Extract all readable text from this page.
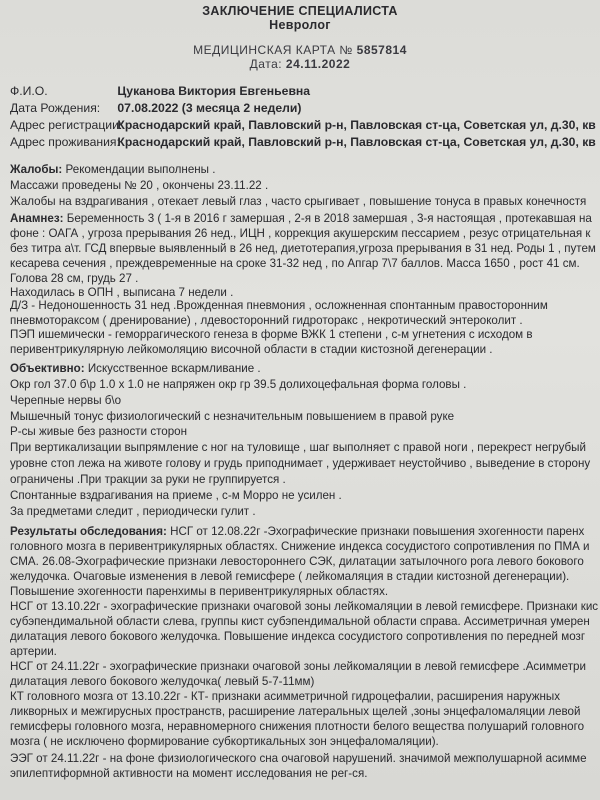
ЗАКЛЮЧЕНИЕ СПЕЦИАЛИСТА
Невролог
МЕДИЦИНСКАЯ КАРТА № 5857814
Дата: 24.11.2022
Ф.И.О.	Цуканова Виктория Евгеньевна
Дата Рождения: 07.08.2022 (3 месяца 2 недели)
Адрес регистрации: Краснодарский край, Павловский р-н, Павловская ст-ца, Советская ул, д.30, кв
Адрес проживания: Краснодарский край, Павловский р-н, Павловская ст-ца, Советская ул, д.30, кв
Жалобы: Рекомендации выполнены .
Массажи проведены № 20 , окончены 23.11.22 .
Жалобы на вздрагивания , отекает левый глаз , часто срыгивает , повышение тонуса в правых конечностя
Анамнез: Беременность 3 ( 1-я в 2016 г замершая , 2-я в 2018 замершая , 3-я настоящая , протекавшая на
фоне : ОАГА , угроза прерывания 26 нед., ИЦН , коррекция акушерским пессарием , резус отрицательная к
без титра а\т. ГСД впервые выявленный в 26 нед, диетотерапия,угроза прерывания в 31 нед. Роды 1 , путем
кесарева сечения , преждевременные на сроке 31-32 нед , по Апгар 7\7 баллов. Масса 1650 , рост 41 см.
Голова 28 см, грудь 27 .
Находилась в ОПН , выписана 7 недели .
Д/З - Недоношенность 31 нед .Врожденная пневмония , осложненная спонтанным правосторонним
пневмотораксом ( дренирование) , лдевосторонний гидроторакс , некротический энтероколит .
ПЭП ишемически - геморрагического генеза в форме ВЖК 1 степени , с-м угнетения с исходом в
перивентрикулярную лейкомоляцию височной области в стадии кистозной дегенерации .
Объективно: Искусственное вскармливание .
Окр гол 37.0 б\р 1.0 х 1.0 не напряжен окр гр 39.5 долихоцефальная форма головы .
Черепные нервы б\о
Мышечный тонус физиологический с незначительным повышением в правой руке
Р-сы живые без разности сторон
При вертикализации выпрямление с ног на туловище , шаг выполняет с правой ноги , перекрест негрубый
уровне стоп лежа на животе голову и грудь приподнимает , удерживает неустойчиво , выведение в сторону
ограничены .При тракции за руки не группируется .
Спонтанные вздрагивания на приеме , с-м Морро не усилен .
За предметами следит , периодически гулит .
Результаты обследования: НСГ от 12.08.22г -Эхографические признаки повышения эхогенности паренх
головного мозга в перивентрикулярных областях. Снижение индекса сосудистого сопротивления по ПМА и
СМА. 26.08-Эхографические признаки левостороннего СЭК, дилатации затылочного рога левого бокового
желудочка. Очаговые изменения в левой гемисфере ( лейкомаляция в стадии кистозной дегенерации).
Повышение эхогенности паренхимы в перивентрикулярных областях.
НСГ от 13.10.22г - эхографические признаки очаговой зоны лейкомаляции в левой гемисфере. Признаки кис
субэпендимальной области слева, группы кист субэпендимальной области справа. Ассиметричная умерен
дилатация левого бокового желудочка. Повышение индекса сосудистого сопротивления по передней мозг
артерии.
НСГ от 24.11.22г - эхографические признаки очаговой зоны лейкомаляции в левой гемисфере .Асимметри
дилатация левого бокового желудочка( левый 5-7-11мм)
КТ головного мозга от 13.10.22г - КТ- признаки асимметричной гидроцефалии, расширения наружных
ликворных и межгирусных пространств, расширение латеральных щелей ,зоны энцефаломаляции левой
гемисферы головного мозга, неравномерного снижения плотности белого вещества полушарий головного
мозга ( не исключено формирование субкортикальных зон энцефаломаляции).
ЭЭГ от 24.11.22г - на фоне физиологического сна очаговой нарушений. значимой межполушарной асимме
эпилептиформной активности на момент исследования не рег-ся.
